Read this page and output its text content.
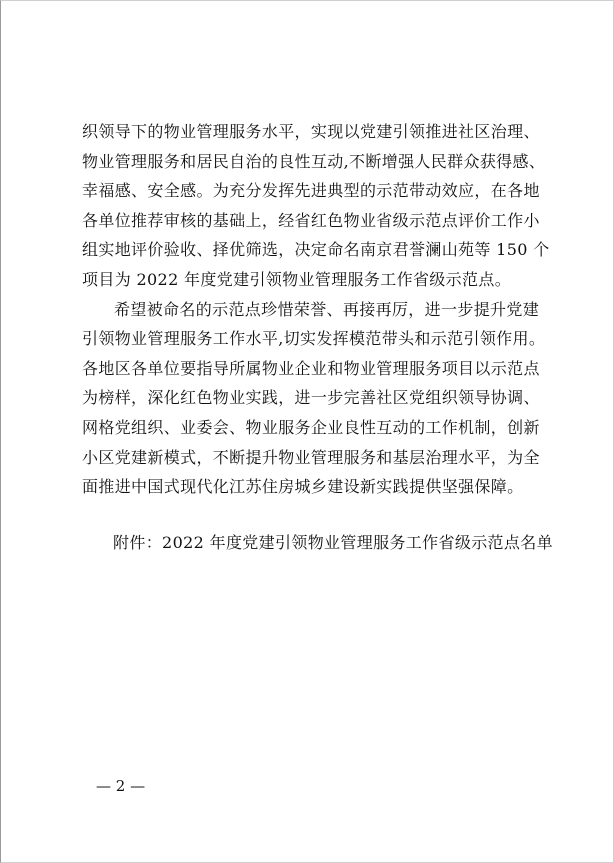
织领导下的物业管理服务水平，实现以党建引领推进社区治理、
物业管理服务和居民自治的良性互动,不断增强人民群众获得感、
幸福感、安全感。为充分发挥先进典型的示范带动效应，在各地
各单位推荐审核的基础上，经省红色物业省级示范点评价工作小
组实地评价验收、择优筛选，决定命名南京君誉澜山苑等 150 个
项目为 2022 年度党建引领物业管理服务工作省级示范点。
希望被命名的示范点珍惜荣誉、再接再厉，进一步提升党建
引领物业管理服务工作水平,切实发挥模范带头和示范引领作用。
各地区各单位要指导所属物业企业和物业管理服务项目以示范点
为榜样，深化红色物业实践，进一步完善社区党组织领导协调、
网格党组织、业委会、物业服务企业良性互动的工作机制，创新
小区党建新模式，不断提升物业管理服务和基层治理水平，为全
面推进中国式现代化江苏住房城乡建设新实践提供坚强保障。
附件：2022 年度党建引领物业管理服务工作省级示范点名单
— 2 —
